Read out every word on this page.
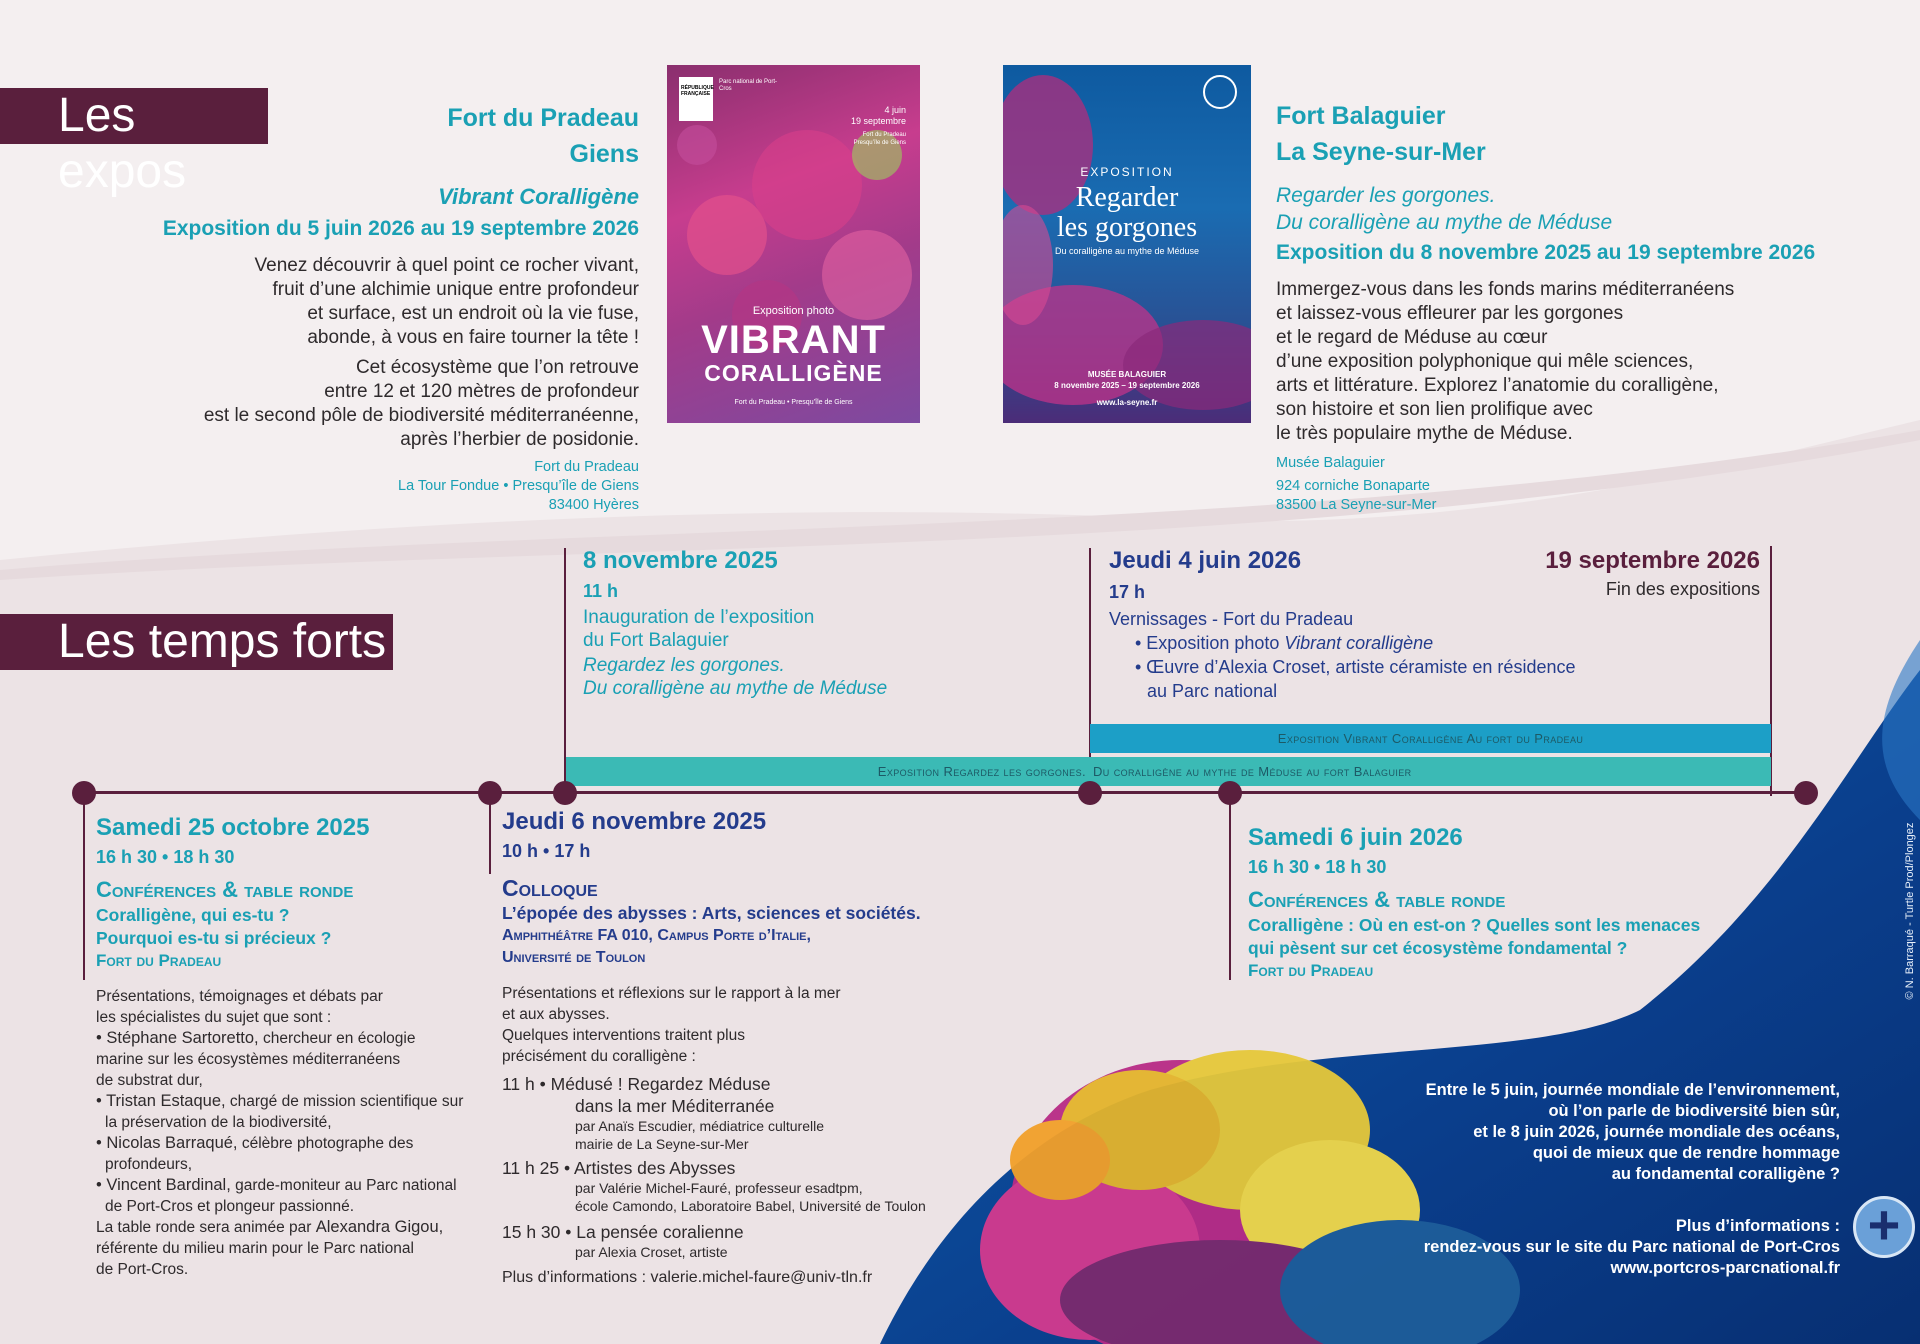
Les expos
Les temps forts
Fort du Pradeau
Giens
Vibrant Coralligène
Exposition du 5 juin 2026 au 19 septembre 2026
Venez découvrir à quel point ce rocher vivant,
fruit d’une alchimie unique entre profondeur
et surface, est un endroit où la vie fuse,
abonde, à vous en faire tourner la tête !
Cet écosystème que l’on retrouve
entre 12 et 120 mètres de profondeur
est le second pôle de biodiversité méditerranéenne,
après l’herbier de posidonie.
Fort du Pradeau
La Tour Fondue • Presqu’île de Giens
83400 Hyères
RÉPUBLIQUE FRANÇAISE
Parc national de Port-Cros
4 juin
19 septembre
Fort du Pradeau
Presqu’île de Giens
Exposition photo
VIBRANT
CORALLIGÈNE
Fort du Pradeau • Presqu’île de Giens
EXPOSITION
Regarder
les gorgones
Du coralligène au mythe de Méduse
MUSÉE BALAGUIER
8 novembre 2025 – 19 septembre 2026
www.la-seyne.fr
Fort Balaguier
La Seyne-sur-Mer
Regarder les gorgones.
Du coralligène au mythe de Méduse
Exposition du 8 novembre 2025 au 19 septembre 2026
Immergez-vous dans les fonds marins méditerranéens
et laissez-vous effleurer par les gorgones
et le regard de Méduse au cœur
d’une exposition polyphonique qui mêle sciences,
arts et littérature. Explorez l’anatomie du coralligène,
son histoire et son lien prolifique avec
le très populaire mythe de Méduse.
Musée Balaguier
924 corniche Bonaparte
83500 La Seyne-sur-Mer
8 novembre 2025
11 h
Inauguration de l’exposition
du Fort Balaguier
Regardez les gorgones.
Du coralligène au mythe de Méduse
Jeudi 4 juin 2026
17 h
Vernissages - Fort du Pradeau
• Exposition photo Vibrant coralligène
• Œuvre d’Alexia Croset, artiste céramiste en résidence
au Parc national
19 septembre 2026
Fin des expositions
Exposition Vibrant Coralligène Au fort du Pradeau
Exposition Regardez les gorgones. Du coralligène au mythe de Méduse au fort Balaguier
Samedi 25 octobre 2025
16 h 30 • 18 h 30
Conférences & table ronde
Coralligène, qui es-tu ?
Pourquoi es-tu si précieux ?
Fort du Pradeau
Présentations, témoignages et débats par
les spécialistes du sujet que sont :
• Stéphane Sartoretto, chercheur en écologie
marine sur les écosystèmes méditerranéens
de substrat dur,
• Tristan Estaque, chargé de mission scientifique sur
la préservation de la biodiversité,
• Nicolas Barraqué, célèbre photographe des
profondeurs,
• Vincent Bardinal, garde-moniteur au Parc national
de Port-Cros et plongeur passionné.
La table ronde sera animée par Alexandra Gigou,
référente du milieu marin pour le Parc national
de Port-Cros.
Jeudi 6 novembre 2025
10 h • 17 h
Colloque
L’épopée des abysses : Arts, sciences et sociétés.
Amphithéâtre FA 010, Campus Porte d’Italie,
Université de Toulon
Présentations et réflexions sur le rapport à la mer
et aux abysses.
Quelques interventions traitent plus
précisément du coralligène :
11 h • Médusé ! Regardez Méduse
dans la mer Méditerranée
par Anaïs Escudier, médiatrice culturelle
mairie de La Seyne-sur-Mer
11 h 25 • Artistes des Abysses
par Valérie Michel-Fauré, professeur esadtpm,
école Camondo, Laboratoire Babel, Université de Toulon
15 h 30 • La pensée coralienne
par Alexia Croset, artiste
Plus d’informations : valerie.michel-faure@univ-tln.fr
Samedi 6 juin 2026
16 h 30 • 18 h 30
Conférences & table ronde
Coralligène : Où en est-on ? Quelles sont les menaces
qui pèsent sur cet écosystème fondamental ?
Fort du Pradeau
Entre le 5 juin, journée mondiale de l’environnement,
où l’on parle de biodiversité bien sûr,
et le 8 juin 2026, journée mondiale des océans,
quoi de mieux que de rendre hommage
au fondamental coralligène ?
Plus d’informations :
rendez-vous sur le site du Parc national de Port-Cros
www.portcros-parcnational.fr
+
© N. Barraqué - Turtle Prod/Plongez
